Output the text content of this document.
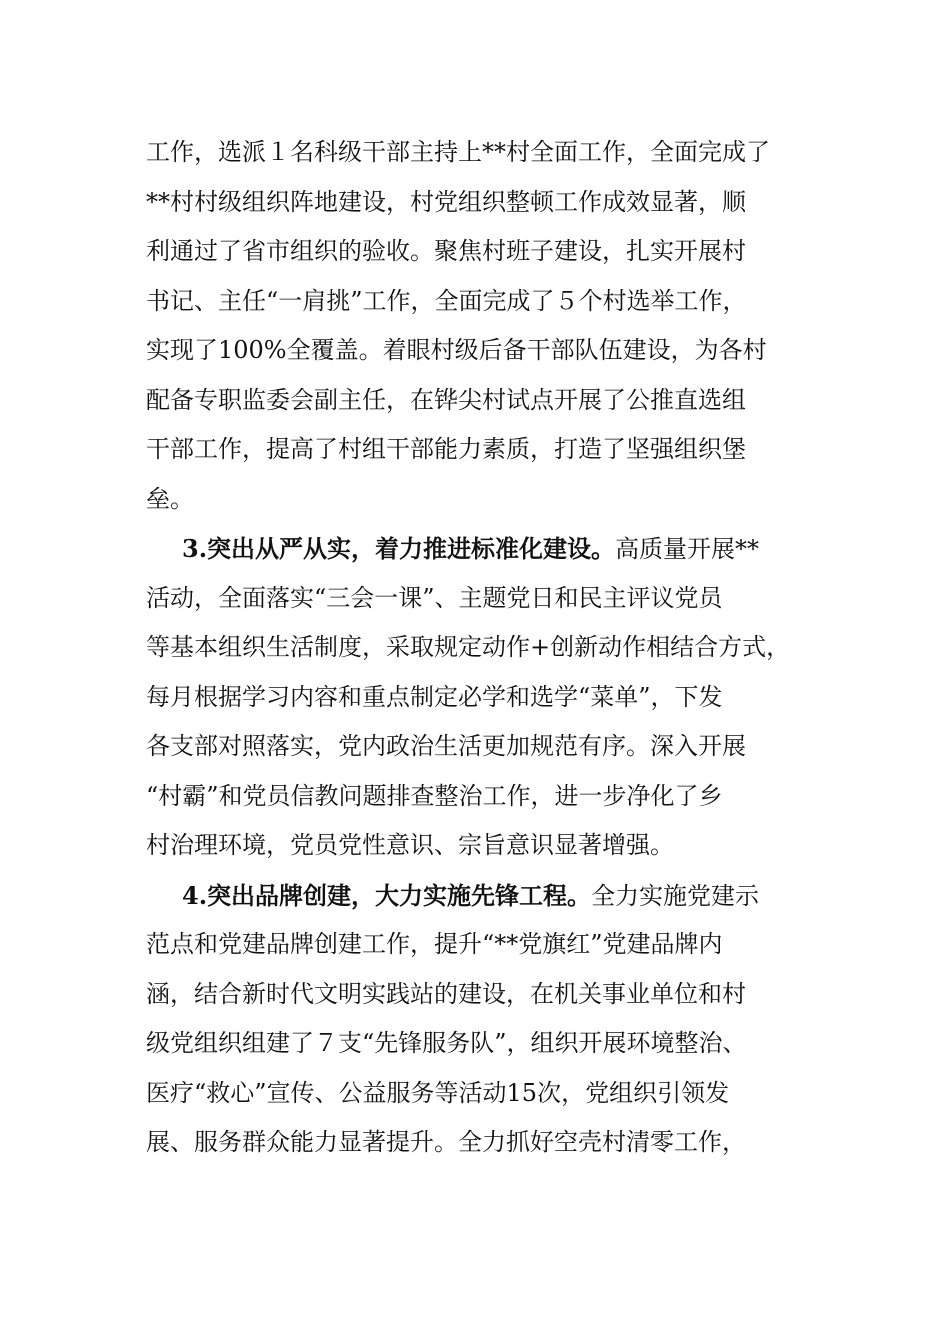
工作，选派１名科级干部主持上**村全面工作，全面完成了
**村村级组织阵地建设，村党组织整顿工作成效显著，顺
利通过了省市组织的验收。聚焦村班子建设，扎实开展村
书记、主任“一肩挑”工作，全面完成了５个村选举工作，
实现了100%全覆盖。着眼村级后备干部队伍建设，为各村
配备专职监委会副主任，在铧尖村试点开展了公推直选组
干部工作，提高了村组干部能力素质，打造了坚强组织堡
垒。
3.突出从严从实，着力推进标准化建设。高质量开展**
活动，全面落实“三会一课”、主题党日和民主评议党员
等基本组织生活制度，采取规定动作+创新动作相结合方式，
每月根据学习内容和重点制定必学和选学“菜单”，下发
各支部对照落实，党内政治生活更加规范有序。深入开展
“村霸”和党员信教问题排查整治工作，进一步净化了乡
村治理环境，党员党性意识、宗旨意识显著增强。
4.突出品牌创建，大力实施先锋工程。全力实施党建示
范点和党建品牌创建工作，提升“**党旗红”党建品牌内
涵，结合新时代文明实践站的建设，在机关事业单位和村
级党组织组建了７支“先锋服务队”，组织开展环境整治、
医疗“救心”宣传、公益服务等活动15次，党组织引领发
展、服务群众能力显著提升。全力抓好空壳村清零工作，
